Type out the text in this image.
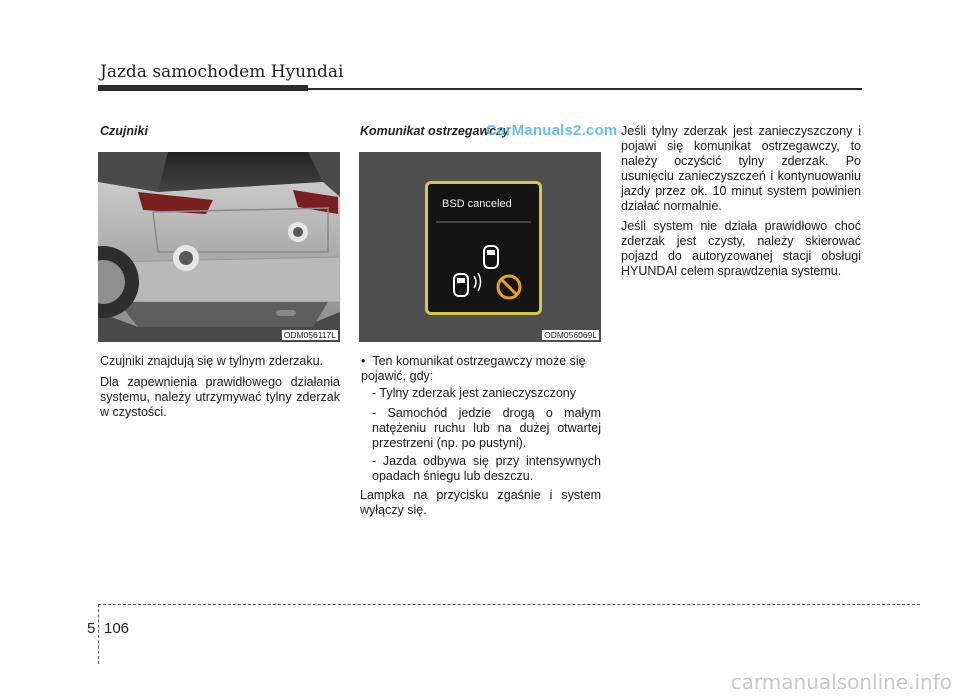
Jazda samochodem Hyundai
Czujniki
ODM056117L

Czujniki znajdują się w tylnym zderzaku.

Dla zapewnienia prawidłowego działania systemu, należy utrzymywać tylny zderzak w czystości.

Komunikat ostrzegawczy
CarManuals2.com
BSD canceled
ODM056069L
•  Ten komunikat ostrzegawczy może się pojawić, gdy:
- Tylny zderzak jest zanieczyszczony
- Samochód jedzie drogą o małym natężeniu ruchu lub na dużej otwartej przestrzeni (np. po pustyni).
- Jazda odbywa się przy intensywnych opadach śniegu lub deszczu.

Lampka na przycisku zgaśnie i system wyłączy się.

Jeśli tylny zderzak jest zanieczyszczony i pojawi się komunikat ostrzegawczy, to należy oczyścić tylny zderzak. Po usunięciu zanieczyszczeń i kontynuowaniu jazdy przez ok. 10 minut system powinien działać normalnie.

Jeśli system nie działa prawidłowo choć zderzak jest czysty, należy skierować pojazd do autoryzowanej stacji obsługi HYUNDAI celem sprawdzenia systemu.

5 106
carmanualsonline.info
